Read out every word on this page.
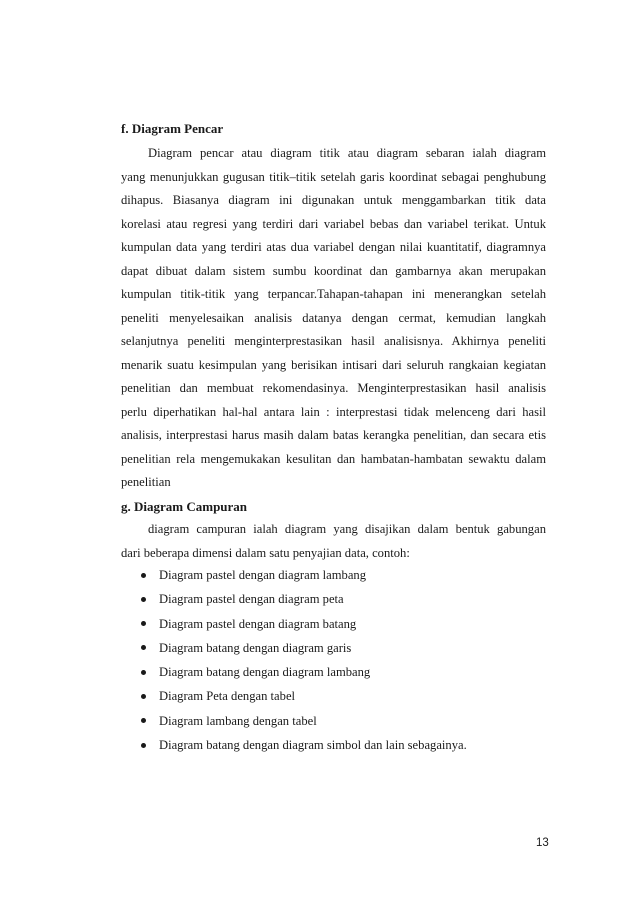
f. Diagram Pencar
Diagram pencar atau diagram titik atau diagram sebaran ialah diagram
yang menunjukkan gugusan titik–titik setelah garis koordinat sebagai penghubung
dihapus. Biasanya diagram ini digunakan untuk menggambarkan titik data
korelasi atau regresi yang terdiri dari variabel bebas dan variabel terikat. Untuk
kumpulan data yang terdiri atas dua variabel dengan nilai kuantitatif, diagramnya
dapat dibuat dalam sistem sumbu koordinat dan gambarnya akan merupakan
kumpulan titik-titik yang terpancar.Tahapan-tahapan ini menerangkan setelah
peneliti menyelesaikan analisis datanya dengan cermat, kemudian langkah
selanjutnya peneliti menginterprestasikan hasil analisisnya. Akhirnya peneliti
menarik suatu kesimpulan yang berisikan intisari dari seluruh rangkaian kegiatan
penelitian dan membuat rekomendasinya. Menginterprestasikan hasil analisis
perlu diperhatikan hal-hal antara lain : interprestasi tidak melenceng dari hasil
analisis, interprestasi harus masih dalam batas kerangka penelitian, dan secara etis
penelitian rela mengemukakan kesulitan dan hambatan-hambatan sewaktu dalam
penelitian
g. Diagram Campuran
diagram campuran ialah diagram yang disajikan dalam bentuk gabungan
dari beberapa dimensi dalam satu penyajian data, contoh:
Diagram pastel dengan diagram lambang
Diagram pastel dengan diagram peta
Diagram pastel dengan diagram batang
Diagram batang dengan diagram garis
Diagram batang dengan diagram lambang
Diagram Peta dengan tabel
Diagram lambang dengan tabel
Diagram batang dengan diagram simbol dan lain sebagainya.
13
